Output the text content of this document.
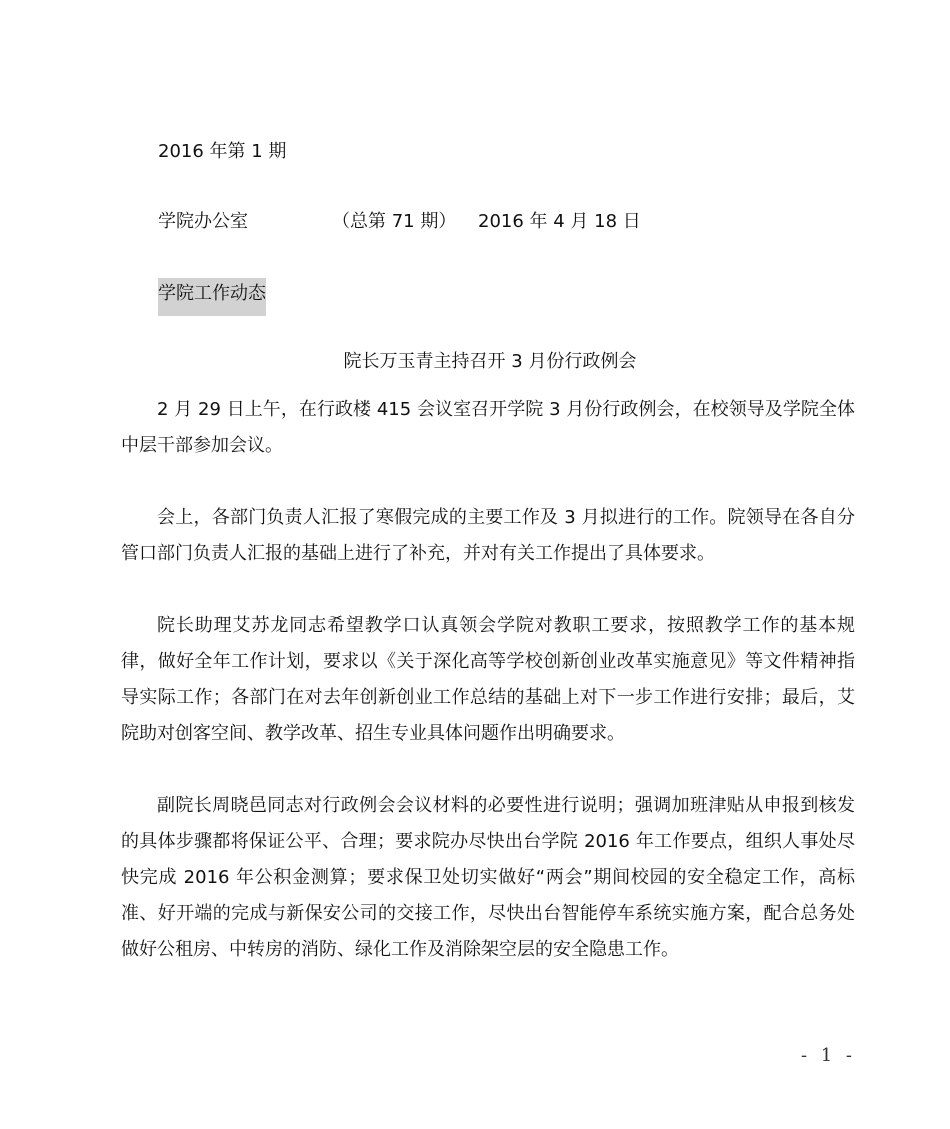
2016 年第 1 期
学院办公室	（总第 71 期） 2016 年 4 月 18 日
学院工作动态
院长万玉青主持召开 3 月份行政例会

2 月 29 日上午，在行政楼 415 会议室召开学院 3 月份行政例会，在校领导及学院全体中层干部参加会议。

会上，各部门负责人汇报了寒假完成的主要工作及 3 月拟进行的工作。院领导在各自分管口部门负责人汇报的基础上进行了补充，并对有关工作提出了具体要求。

院长助理艾苏龙同志希望教学口认真领会学院对教职工要求，按照教学工作的基本规律，做好全年工作计划，要求以《关于深化高等学校创新创业改革实施意见》等文件精神指导实际工作；各部门在对去年创新创业工作总结的基础上对下一步工作进行安排；最后，艾院助对创客空间、教学改革、招生专业具体问题作出明确要求。

副院长周晓邑同志对行政例会会议材料的必要性进行说明；强调加班津贴从申报到核发的具体步骤都将保证公平、合理；要求院办尽快出台学院 2016 年工作要点，组织人事处尽快完成 2016 年公积金测算；要求保卫处切实做好“两会”期间校园的安全稳定工作，高标准、好开端的完成与新保安公司的交接工作，尽快出台智能停车系统实施方案，配合总务处做好公租房、中转房的消防、绿化工作及消除架空层的安全隐患工作。

- 1 -
